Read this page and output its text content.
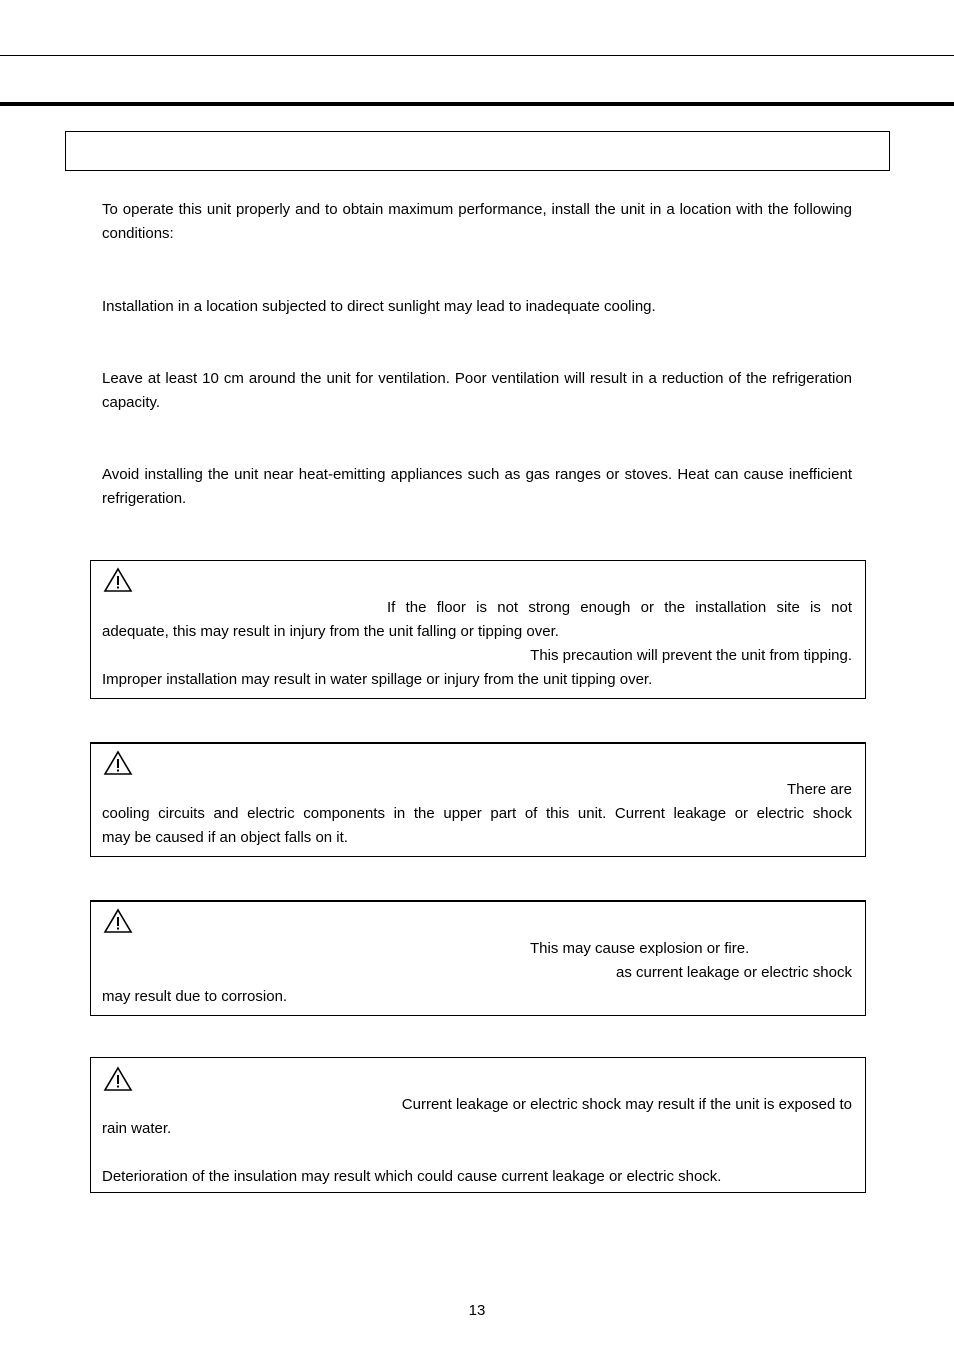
To operate this unit properly and to obtain maximum performance, install the unit in a location with the following conditions:

Installation in a location subjected to direct sunlight may lead to inadequate cooling.

Leave at least 10 cm around the unit for ventilation. Poor ventilation will result in a reduction of the refrigeration capacity.

Avoid installing the unit near heat-emitting appliances such as gas ranges or stoves. Heat can cause inefficient refrigeration.

If the floor is not strong enough or the installation site is not
adequate, this may result in injury from the unit falling or tipping over.
This precaution will prevent the unit from tipping.
Improper installation may result in water spillage or injury from the unit tipping over.
There are
cooling circuits and electric components in the upper part of this unit. Current leakage or electric shock
may be caused if an object falls on it.
This may cause explosion or fire.
as current leakage or electric shock
may result due to corrosion.
Current leakage or electric shock may result if the unit is exposed to
rain water.
Deterioration of the insulation may result which could cause current leakage or electric shock.
13
